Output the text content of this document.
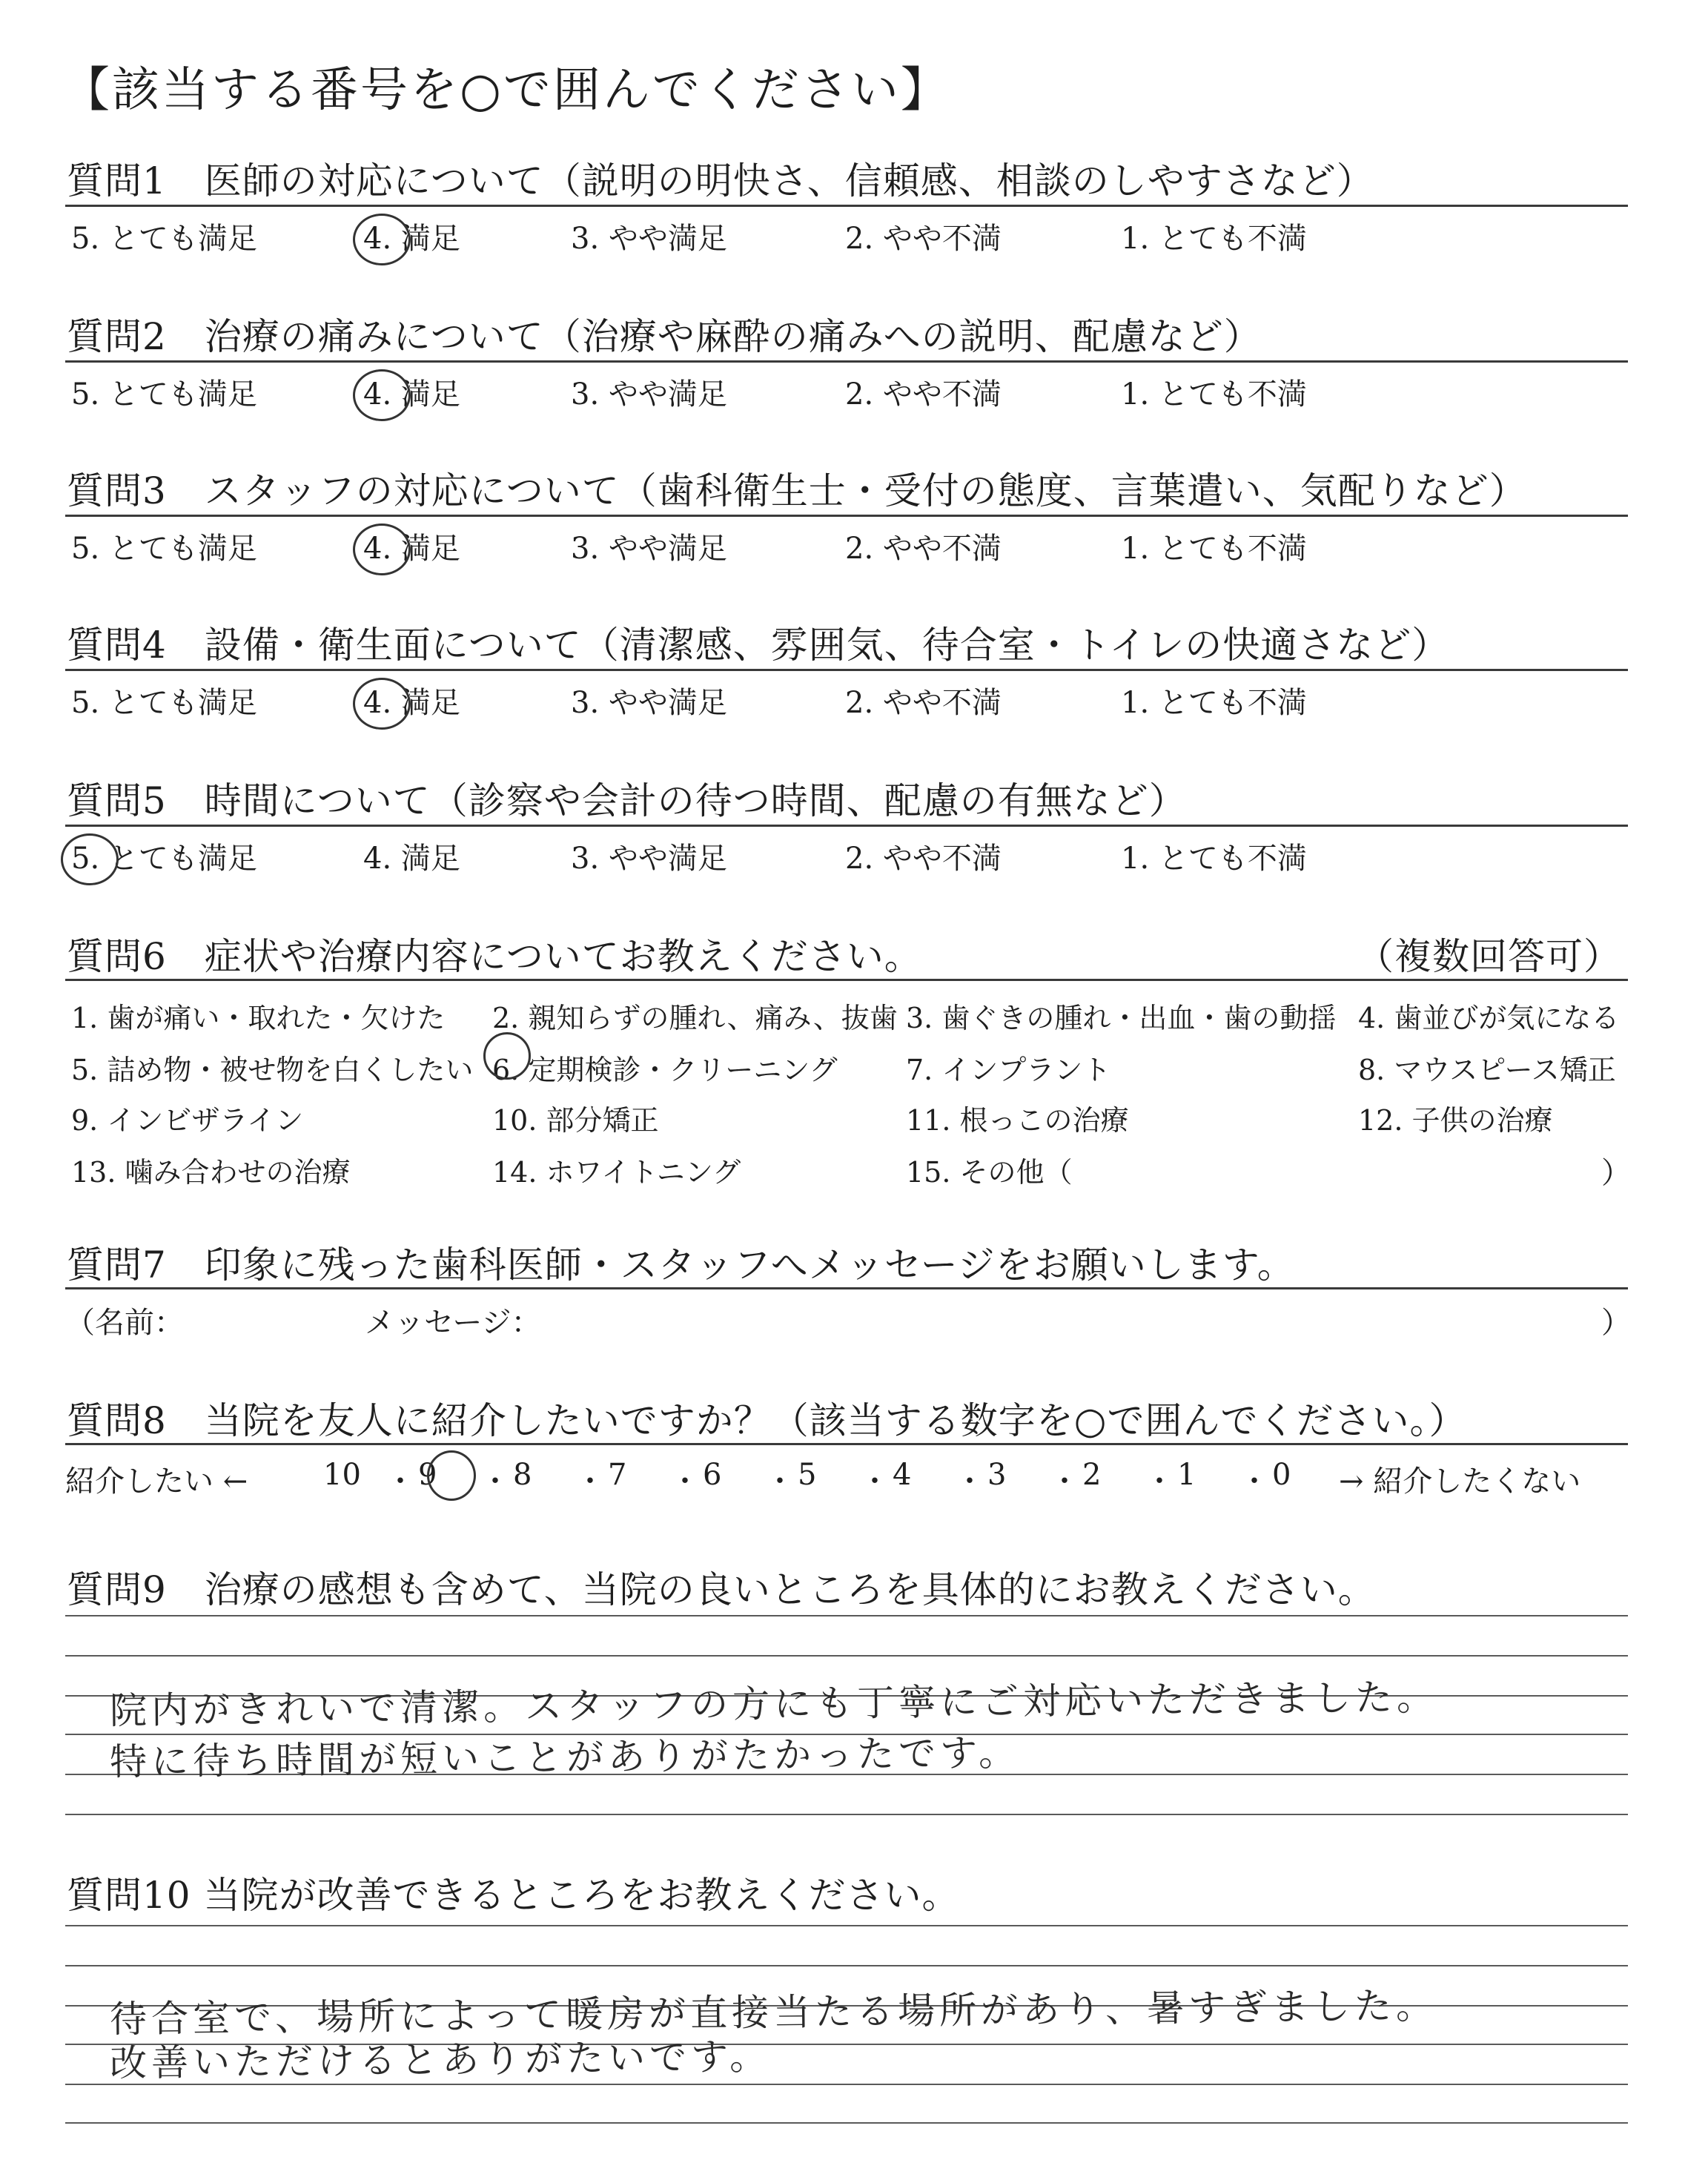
【該当する番号を○で囲んでください】
質問1　医師の対応について（説明の明快さ、信頼感、相談のしやすさなど）
5. とても満足	4. 満足	3. やや満足	2. やや不満	1. とても不満
質問2　治療の痛みについて（治療や麻酔の痛みへの説明、配慮など）
5. とても満足	4. 満足	3. やや満足	2. やや不満	1. とても不満
質問3　スタッフの対応について（歯科衛生士・受付の態度、言葉遣い、気配りなど）
5. とても満足	4. 満足	3. やや満足	2. やや不満	1. とても不満
質問4　設備・衛生面について（清潔感、雰囲気、待合室・トイレの快適さなど）
5. とても満足	4. 満足	3. やや満足	2. やや不満	1. とても不満
質問5　時間について（診察や会計の待つ時間、配慮の有無など）
5. とても満足	4. 満足	3. やや満足	2. やや不満	1. とても不満
質問6　症状や治療内容についてお教えください。	（複数回答可）
1. 歯が痛い・取れた・欠けた 2. 親知らずの腫れ、痛み、抜歯 3. 歯ぐきの腫れ・出血・歯の動揺 4. 歯並びが気になる
5. 詰め物・被せ物を白くしたい 6. 定期検診・クリーニング 7. インプラント	8. マウスピース矯正
9. インビザライン	10. 部分矯正	11. 根っこの治療	12. 子供の治療
13. 噛み合わせの治療	14. ホワイトニング	15. その他（	）
質問7　印象に残った歯科医師・スタッフへメッセージをお願いします。
（名前：	メッセージ：	）
質問8　当院を友人に紹介したいですか？（該当する数字を○で囲んでください。）
紹介したい ←	10 ・ 9 ・ 8 ・ 7 ・ 6 ・ 5 ・ 4 ・ 3 ・ 2 ・ 1 ・ 0 → 紹介したくない
質問9　治療の感想も含めて、当院の良いところを具体的にお教えください。
院内がきれいで清潔。スタッフの方にも丁寧にご対応いただきました。
特に待ち時間が短いことがありがたかったです。
質問10 当院が改善できるところをお教えください。
待合室で、場所によって暖房が直接当たる場所があり、暑すぎました。
改善いただけるとありがたいです。
